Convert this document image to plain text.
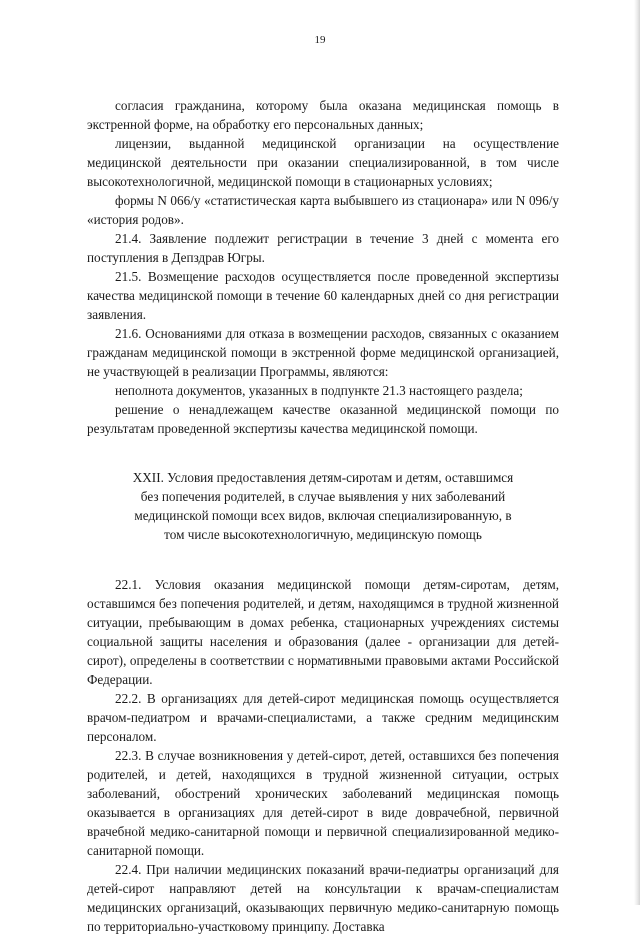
19

согласия гражданина, которому была оказана медицинская помощь в экстренной форме, на обработку его персональных данных;

лицензии, выданной медицинской организации на осуществление медицинской деятельности при оказании специализированной, в том числе высокотехнологичной, медицинской помощи в стационарных условиях;

формы N 066/у «статистическая карта выбывшего из стационара» или N 096/у «история родов».

21.4. Заявление подлежит регистрации в течение 3 дней с момента его поступления в Депздрав Югры.

21.5. Возмещение расходов осуществляется после проведенной экспертизы качества медицинской помощи в течение 60 календарных дней со дня регистрации заявления.

21.6. Основаниями для отказа в возмещении расходов, связанных с оказанием гражданам медицинской помощи в экстренной форме медицинской организацией, не участвующей в реализации Программы, являются:

неполнота документов, указанных в подпункте 21.3 настоящего раздела;

решение о ненадлежащем качестве оказанной медицинской помощи по результатам проведенной экспертизы качества медицинской помощи.

XXII. Условия предоставления детям-сиротам и детям, оставшимся без попечения родителей, в случае выявления у них заболеваний медицинской помощи всех видов, включая специализированную, в том числе высокотехнологичную, медицинскую помощь

22.1. Условия оказания медицинской помощи детям-сиротам, детям, оставшимся без попечения родителей, и детям, находящимся в трудной жизненной ситуации, пребывающим в домах ребенка, стационарных учреждениях системы социальной защиты населения и образования (далее - организации для детей-сирот), определены в соответствии с нормативными правовыми актами Российской Федерации.

22.2. В организациях для детей-сирот медицинская помощь осуществляется врачом-педиатром и врачами-специалистами, а также средним медицинским персоналом.

22.3. В случае возникновения у детей-сирот, детей, оставшихся без попечения родителей, и детей, находящихся в трудной жизненной ситуации, острых заболеваний, обострений хронических заболеваний медицинская помощь оказывается в организациях для детей-сирот в виде доврачебной, первичной врачебной медико-санитарной помощи и первичной специализированной медико-санитарной помощи.

22.4. При наличии медицинских показаний врачи-педиатры организаций для детей-сирот направляют детей на консультации к врачам-специалистам медицинских организаций, оказывающих первичную медико-санитарную помощь по территориально-участковому принципу. Доставка
